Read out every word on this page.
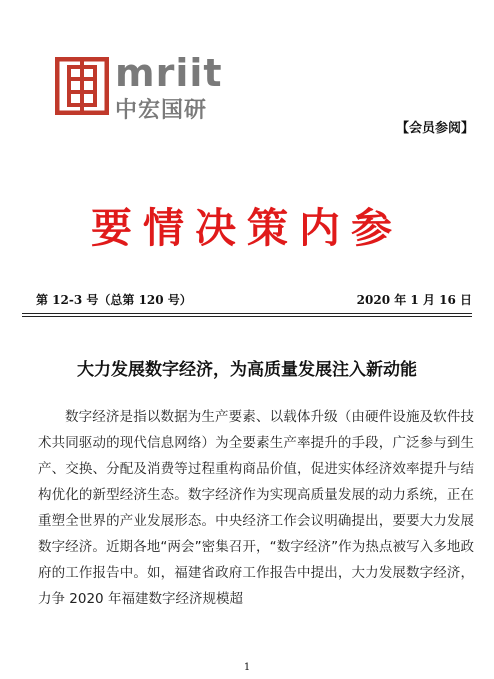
mriit
中宏国研
【会员参阅】
要情决策内参
第 12-3 号（总第 120 号）	2020 年 1 月 16 日
大力发展数字经济，为高质量发展注入新动能
数字经济是指以数据为生产要素、以载体升级（由硬件设施及软件技术共同驱动的现代信息网络）为全要素生产率提升的手段，广泛参与到生产、交换、分配及消费等过程重构商品价值，促进实体经济效率提升与结构优化的新型经济生态。数字经济作为实现高质量发展的动力系统，正在重塑全世界的产业发展形态。中央经济工作会议明确提出，要要大力发展数字经济。近期各地“两会”密集召开，“数字经济”作为热点被写入多地政府的工作报告中。如，福建省政府工作报告中提出，大力发展数字经济，力争 2020 年福建数字经济规模超
1
